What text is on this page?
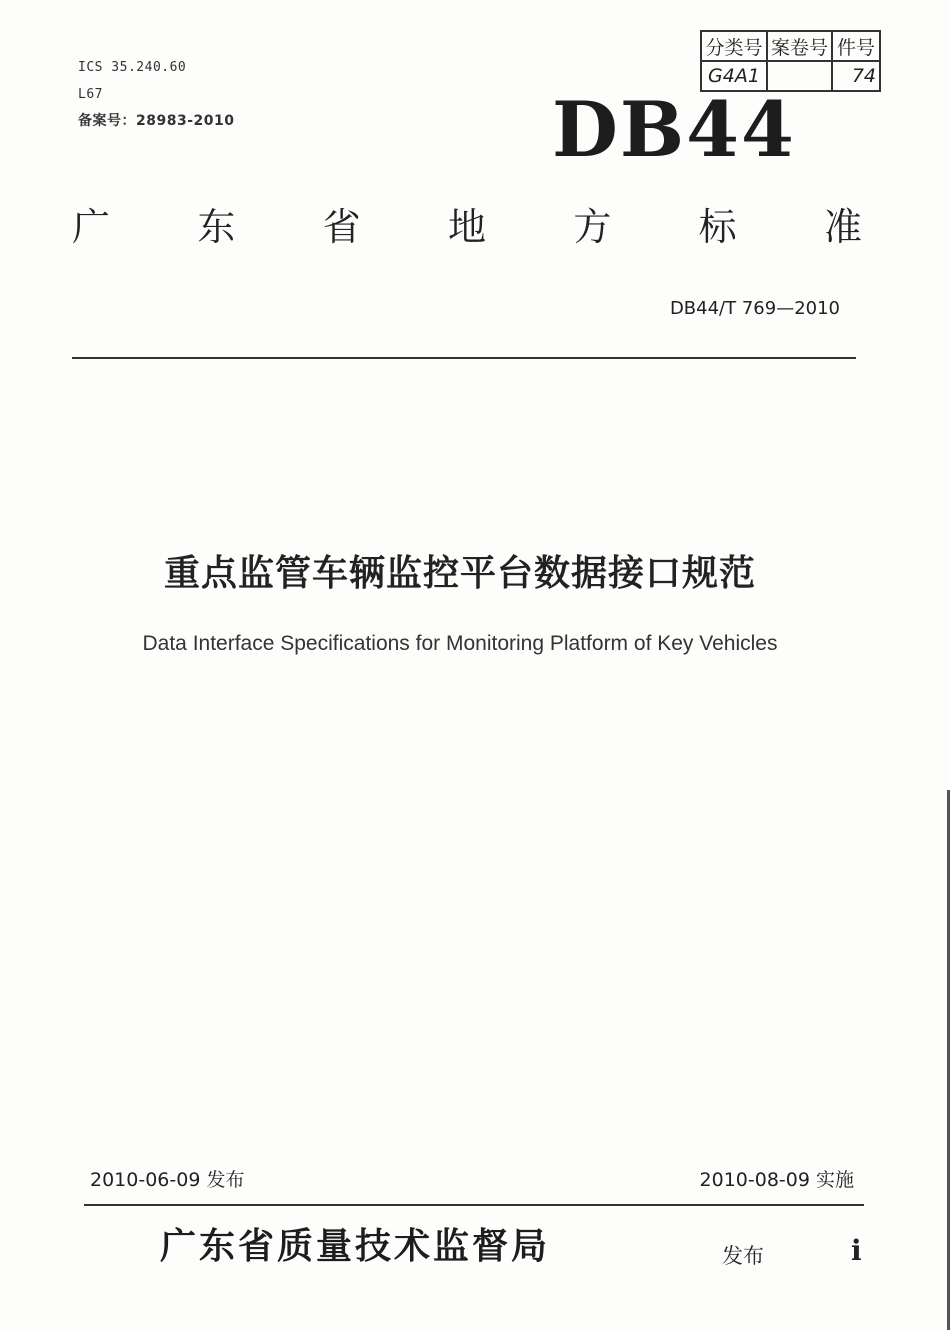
ICS 35.240.60
L67
备案号：28983-2010
分类号	案卷号	件号
G4A1		74
DB44
广 东 省 地 方 标 准
DB44/T 769—2010
重点监管车辆监控平台数据接口规范
Data Interface Specifications for Monitoring Platform of Key Vehicles
2010-06-09 发布	2010-08-09 实施
广东省质量技术监督局	发布	i
